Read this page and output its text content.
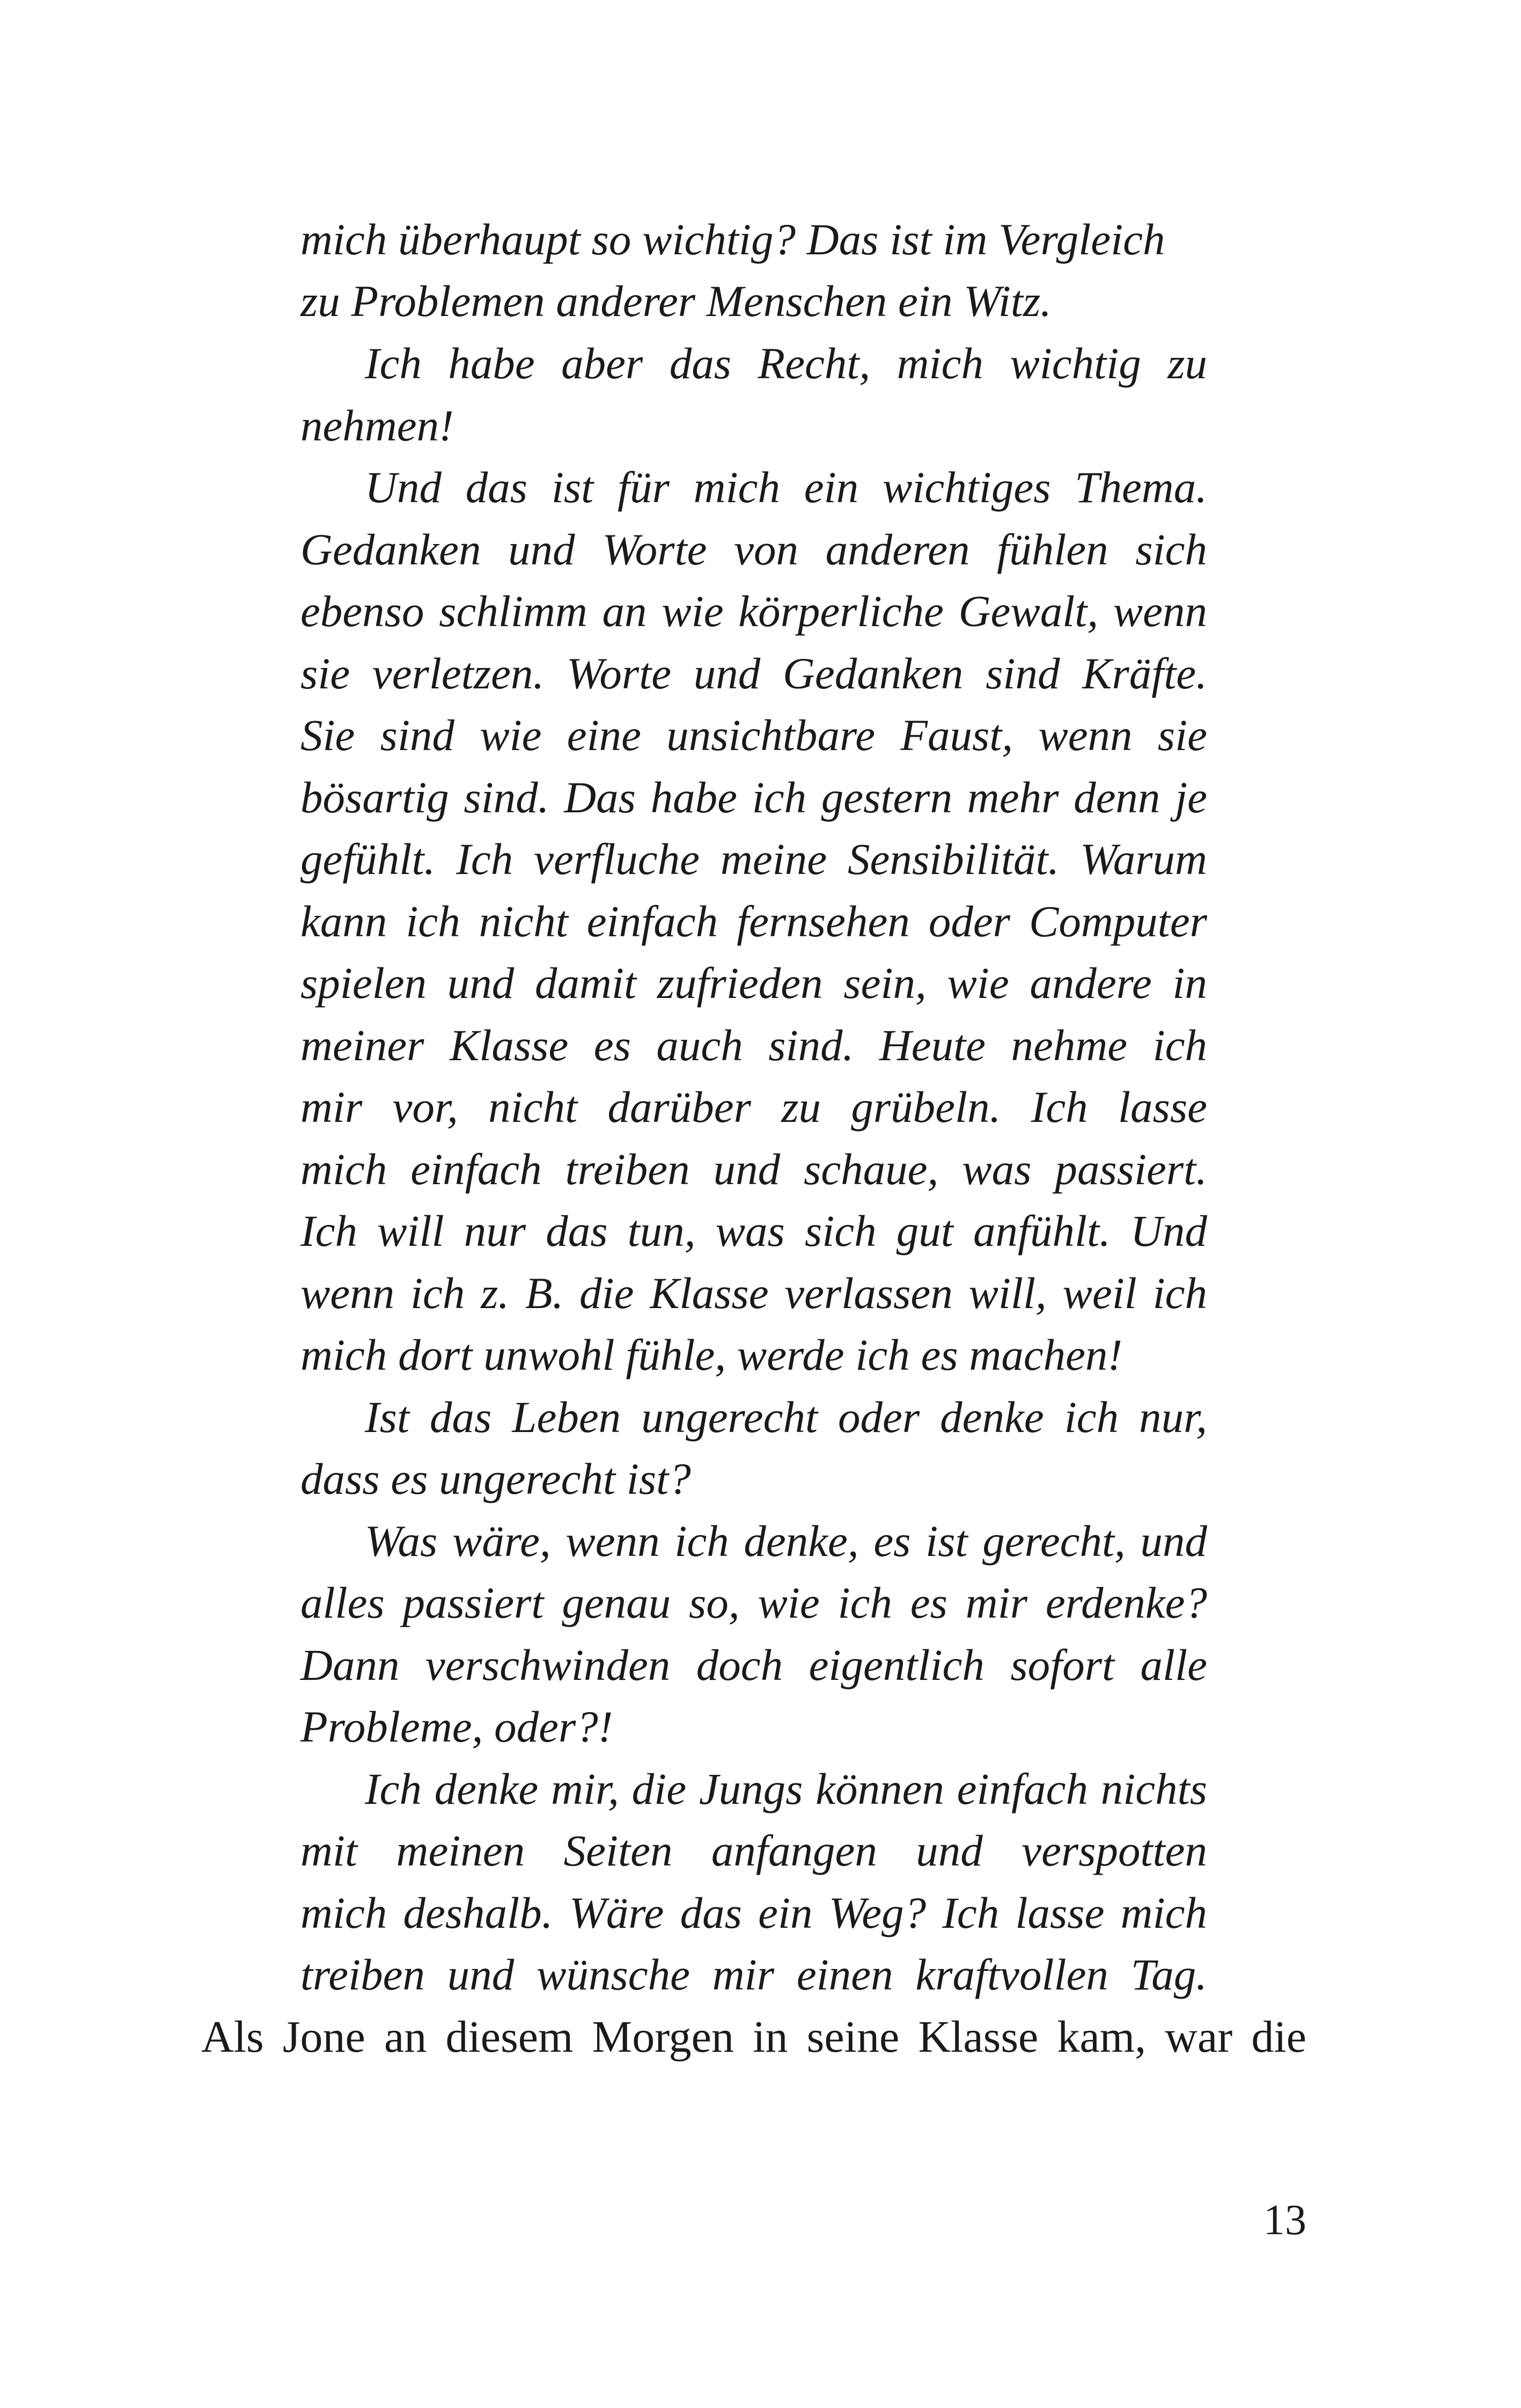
mich überhaupt so wichtig? Das ist im Vergleich
zu Problemen anderer Menschen ein Witz.
Ich habe aber das Recht, mich wichtig zu
nehmen!
Und das ist für mich ein wichtiges Thema.
Gedanken und Worte von anderen fühlen sich
ebenso schlimm an wie körperliche Gewalt, wenn
sie verletzen. Worte und Gedanken sind Kräfte.
Sie sind wie eine unsichtbare Faust, wenn sie
bösartig sind. Das habe ich gestern mehr denn je
gefühlt. Ich verfluche meine Sensibilität. Warum
kann ich nicht einfach fernsehen oder Computer
spielen und damit zufrieden sein, wie andere in
meiner Klasse es auch sind. Heute nehme ich
mir vor, nicht darüber zu grübeln. Ich lasse
mich einfach treiben und schaue, was passiert.
Ich will nur das tun, was sich gut anfühlt. Und
wenn ich z. B. die Klasse verlassen will, weil ich
mich dort unwohl fühle, werde ich es machen!
Ist das Leben ungerecht oder denke ich nur,
dass es ungerecht ist?
Was wäre, wenn ich denke, es ist gerecht, und
alles passiert genau so, wie ich es mir erdenke?
Dann verschwinden doch eigentlich sofort alle
Probleme, oder?!
Ich denke mir, die Jungs können einfach nichts
mit meinen Seiten anfangen und verspotten
mich deshalb. Wäre das ein Weg? Ich lasse mich
treiben und wünsche mir einen kraftvollen Tag.
Als Jone an diesem Morgen in seine Klasse kam, war die
13
